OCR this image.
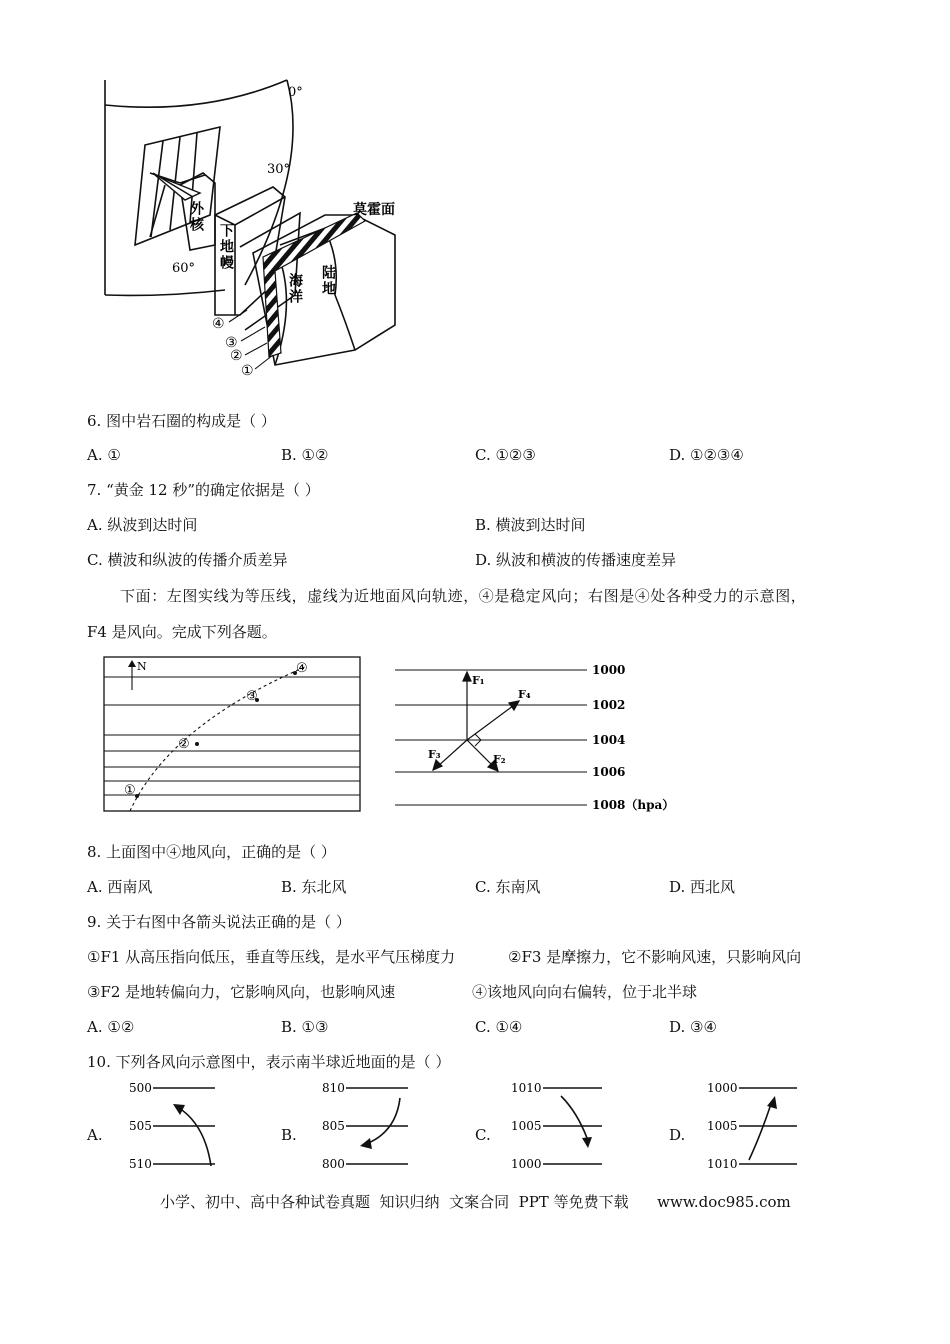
0°
30°
60°
莫霍面
外核
下地幔
海洋 陆地
④
③
②
①
6. 图中岩石圈的构成是（ ）
A. ①	B. ①②	C. ①②③	D. ①②③④
7. “黄金 12 秒”的确定依据是（ ）
A. 纵波到达时间	B. 横波到达时间
C. 横波和纵波的传播介质差异	D. 纵波和横波的传播速度差异
下面：左图实线为等压线，虚线为近地面风向轨迹，④是稳定风向；右图是④处各种受力的示意图，
F4 是风向。完成下列各题。
N
①
②
③
④	1000
1002
1004
1006
1008（hpa）
F₁
F₄
F₃	F₂
8. 上面图中④地风向，正确的是（ ）
A. 西南风	B. 东北风	C. 东南风	D. 西北风
9. 关于右图中各箭头说法正确的是（ ）
①F1 从高压指向低压，垂直等压线，是水平气压梯度力	②F3 是摩擦力，它不影响风速，只影响风向
③F2 是地转偏向力，它影响风向，也影响风速	④该地风向向右偏转，位于北半球
A. ①②	B. ①③	C. ①④	D. ③④
10. 下列各风向示意图中，表示南半球近地面的是（ ）
A.
500
505
510
B.
810
805
800
C.
1010
1005
1000
D.
1000
1005
1010
小学、初中、高中各种试卷真题  知识归纳  文案合同  PPT 等免费下载      www.doc985.com
